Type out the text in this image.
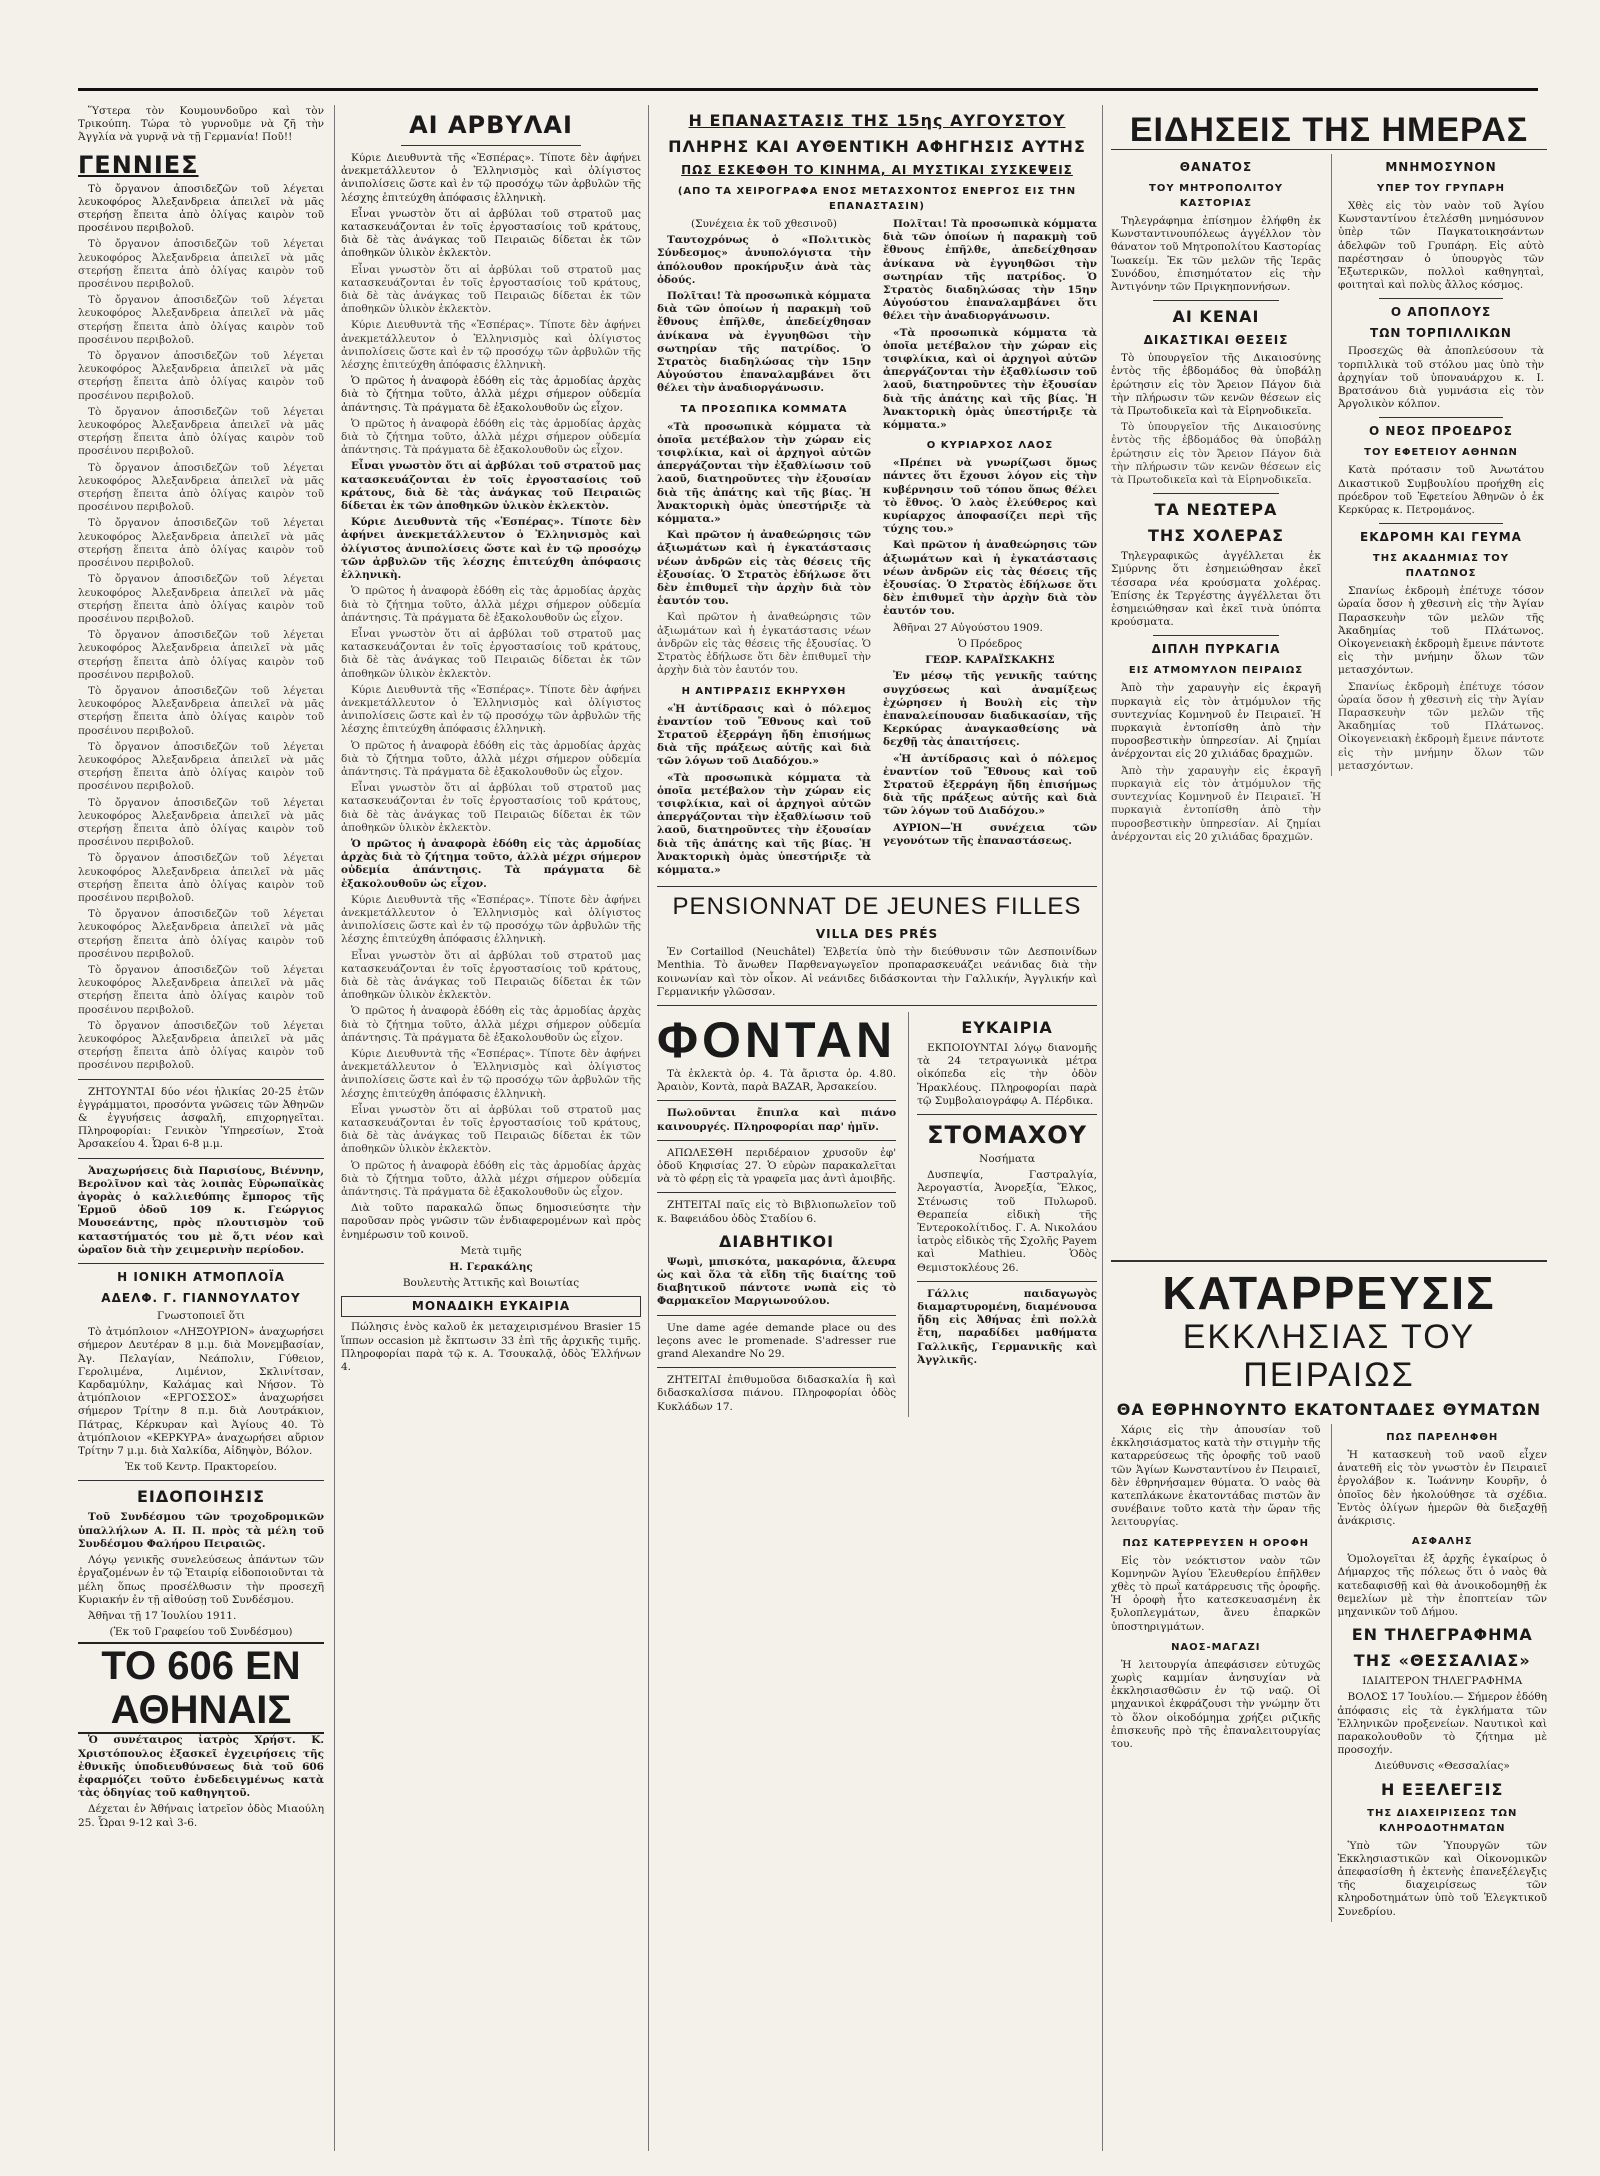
Ὕστερα τὸν Κουμουνδοῦρο καὶ τὸν Τρικούπη. Τώρα τὸ γυρνοῦμε νὰ ζῆ τὴν Ἀγγλία νὰ γυρνᾷ νὰ τῇ Γερμανία! Ποῦ!!

ΓΕΝΝΙΕΣ

Τὸ ὄργανον ἀποσιδεζῶν τοῦ λέγεται λευκοφόρος Ἀλεξανδρεια ἀπειλεῖ νὰ μᾶς στερήσῃ ἕπειτα ἀπὸ ὀλίγας καιρὸν τοῦ προσέινου περιβολοῦ.

Τὸ ὄργανον ἀποσιδεζῶν τοῦ λέγεται λευκοφόρος Ἀλεξανδρεια ἀπειλεῖ νὰ μᾶς στερήσῃ ἕπειτα ἀπὸ ὀλίγας καιρὸν τοῦ προσέινου περιβολοῦ.

Τὸ ὄργανον ἀποσιδεζῶν τοῦ λέγεται λευκοφόρος Ἀλεξανδρεια ἀπειλεῖ νὰ μᾶς στερήσῃ ἕπειτα ἀπὸ ὀλίγας καιρὸν τοῦ προσέινου περιβολοῦ.

Τὸ ὄργανον ἀποσιδεζῶν τοῦ λέγεται λευκοφόρος Ἀλεξανδρεια ἀπειλεῖ νὰ μᾶς στερήσῃ ἕπειτα ἀπὸ ὀλίγας καιρὸν τοῦ προσέινου περιβολοῦ.

Τὸ ὄργανον ἀποσιδεζῶν τοῦ λέγεται λευκοφόρος Ἀλεξανδρεια ἀπειλεῖ νὰ μᾶς στερήσῃ ἕπειτα ἀπὸ ὀλίγας καιρὸν τοῦ προσέινου περιβολοῦ.

Τὸ ὄργανον ἀποσιδεζῶν τοῦ λέγεται λευκοφόρος Ἀλεξανδρεια ἀπειλεῖ νὰ μᾶς στερήσῃ ἕπειτα ἀπὸ ὀλίγας καιρὸν τοῦ προσέινου περιβολοῦ.

Τὸ ὄργανον ἀποσιδεζῶν τοῦ λέγεται λευκοφόρος Ἀλεξανδρεια ἀπειλεῖ νὰ μᾶς στερήσῃ ἕπειτα ἀπὸ ὀλίγας καιρὸν τοῦ προσέινου περιβολοῦ.

Τὸ ὄργανον ἀποσιδεζῶν τοῦ λέγεται λευκοφόρος Ἀλεξανδρεια ἀπειλεῖ νὰ μᾶς στερήσῃ ἕπειτα ἀπὸ ὀλίγας καιρὸν τοῦ προσέινου περιβολοῦ.

Τὸ ὄργανον ἀποσιδεζῶν τοῦ λέγεται λευκοφόρος Ἀλεξανδρεια ἀπειλεῖ νὰ μᾶς στερήσῃ ἕπειτα ἀπὸ ὀλίγας καιρὸν τοῦ προσέινου περιβολοῦ.

Τὸ ὄργανον ἀποσιδεζῶν τοῦ λέγεται λευκοφόρος Ἀλεξανδρεια ἀπειλεῖ νὰ μᾶς στερήσῃ ἕπειτα ἀπὸ ὀλίγας καιρὸν τοῦ προσέινου περιβολοῦ.

Τὸ ὄργανον ἀποσιδεζῶν τοῦ λέγεται λευκοφόρος Ἀλεξανδρεια ἀπειλεῖ νὰ μᾶς στερήσῃ ἕπειτα ἀπὸ ὀλίγας καιρὸν τοῦ προσέινου περιβολοῦ.

Τὸ ὄργανον ἀποσιδεζῶν τοῦ λέγεται λευκοφόρος Ἀλεξανδρεια ἀπειλεῖ νὰ μᾶς στερήσῃ ἕπειτα ἀπὸ ὀλίγας καιρὸν τοῦ προσέινου περιβολοῦ.

Τὸ ὄργανον ἀποσιδεζῶν τοῦ λέγεται λευκοφόρος Ἀλεξανδρεια ἀπειλεῖ νὰ μᾶς στερήσῃ ἕπειτα ἀπὸ ὀλίγας καιρὸν τοῦ προσέινου περιβολοῦ.

Τὸ ὄργανον ἀποσιδεζῶν τοῦ λέγεται λευκοφόρος Ἀλεξανδρεια ἀπειλεῖ νὰ μᾶς στερήσῃ ἕπειτα ἀπὸ ὀλίγας καιρὸν τοῦ προσέινου περιβολοῦ.

Τὸ ὄργανον ἀποσιδεζῶν τοῦ λέγεται λευκοφόρος Ἀλεξανδρεια ἀπειλεῖ νὰ μᾶς στερήσῃ ἕπειτα ἀπὸ ὀλίγας καιρὸν τοῦ προσέινου περιβολοῦ.

Τὸ ὄργανον ἀποσιδεζῶν τοῦ λέγεται λευκοφόρος Ἀλεξανδρεια ἀπειλεῖ νὰ μᾶς στερήσῃ ἕπειτα ἀπὸ ὀλίγας καιρὸν τοῦ προσέινου περιβολοῦ.

ΖΗΤΟΥΝΤΑΙ δύο νέοι ἡλικίας 20-25 ἐτῶν ἐγγράμματοι, προσόντα γνῶσεις τῶν Ἀθηνῶν & ἐγγυήσεις ἀσφαλῆ, επιχορηγεῖται. Πληροφορίαι: Γενικὸν Ὑπηρεσίων, Στοὰ Ἀρσακείου 4. Ὧραι 6-8 μ.μ.

Ἀναχωρήσεις διὰ Παρισίους, Βιέννην, Βερολῖνον καὶ τὰς λοιπὰς Εὐρωπαϊκὰς ἀγορὰς ὁ καλλιεθύπης ἔμπορος τῆς Ἑρμοῦ ὁδοῦ 109 κ. Γεώργιος Μουσεάντης, πρὸς πλουτισμὸν τοῦ καταστήματός του μὲ ὅ,τι νέον καὶ ὡραῖον διὰ τὴν χειμερινὴν περίοδον.

Η ΙΟΝΙΚΗ ΑΤΜΟΠΛΟΪΑ
ΑΔΕΛΦ. Γ. ΓΙΑΝΝΟΥΛΑΤΟΥ

Γνωστοποιεῖ ὅτι

Τὸ ἀτμόπλοιον «ΛΗΞΟΥΡΙΟΝ» ἀναχωρήσει σήμερον Δευτέραν 8 μ.μ. διὰ Μονεμβασίαν, Ἀγ. Πελαγίαν, Νεάπολιν, Γύθειον, Γερολιμένα, Λιμένιον, Σκλινίτσαν, Καρδαμύλην, Καλάμας καὶ Νήσον. Τὸ ἀτμόπλοιον «ΕΡΓΟΣΣΟΣ» ἀναχωρήσει σήμερον Τρίτην 8 π.μ. διὰ Λουτράκιον, Πάτρας, Κέρκυραν καὶ Ἀγίους 40. Τὸ ἀτμόπλοιον «ΚΕΡΚΥΡΑ» ἀναχωρήσει αὔριον Τρίτην 7 μ.μ. διὰ Χαλκίδα, Αἰδηψὸν, Βόλον.

Ἐκ τοῦ Κεντρ. Πρακτορείου.

ΕΙΔΟΠΟΙΗΣΙΣ

Τοῦ Συνδέσμου τῶν τροχοδρομικῶν ὑπαλλήλων Α. Π. Π. πρὸς τὰ μέλη τοῦ Συνδέσμου Φαλήρου Πειραιῶς.

Λόγῳ γενικῆς συνελεύσεως ἁπάντων τῶν ἐργαζομένων ἐν τῷ Ἑταιρίᾳ εἰδοποιοῦνται τὰ μέλη ὅπως προσέλθωσιν τὴν προσεχῆ Κυριακήν ἐν τῇ αἰθούσῃ τοῦ Συνδέσμου.

Ἀθῆναι τῇ 17 Ἰουλίου 1911.

(Ἐκ τοῦ Γραφείου τοῦ Συνδέσμου)

ΤΟ 606 ΕΝ ΑΘΗΝΑΙΣ

Ὁ συνέταιρος ἰατρὸς Χρήστ. Κ. Χριστόπουλος ἐξασκεῖ ἐγχειρήσεις τῆς ἐθνικῆς ὑποδιευθύνσεως διὰ τοῦ 606 ἐφαρμόζει τοῦτο ἐνδεδειγμένως κατὰ τὰς ὁδηγίας τοῦ καθηγητοῦ.

Δέχεται ἐν Ἀθήναις ἰατρεῖον ὁδὸς Μιαούλη 25. Ὧραι 9-12 καὶ 3-6.

ΑΙ ΑΡΒΥΛΑΙ

Κύριε Διευθυντὰ τῆς «Ἑσπέρας». Τίποτε δὲν ἀφήνει ἀνεκμετάλλευτον ὁ Ἐλληνισμὸς καὶ ὀλίγιστος ἀνιπολίσεις ὥστε καὶ ἐν τῷ προσόχῳ τῶν ἀρβυλῶν τῆς λέσχης ἐπιτεύχθη ἀπόφασις ἑλληνικὴ.

Εἶναι γνωστὸν ὅτι αἱ ἀρβύλαι τοῦ στρατοῦ μας κατασκευάζονται ἐν τοῖς ἐργοστασίοις τοῦ κράτους, διὰ δὲ τὰς ἀνάγκας τοῦ Πειραιῶς δίδεται ἐκ τῶν ἀποθηκῶν ὑλικὸν ἐκλεκτὸν.

Εἶναι γνωστὸν ὅτι αἱ ἀρβύλαι τοῦ στρατοῦ μας κατασκευάζονται ἐν τοῖς ἐργοστασίοις τοῦ κράτους, διὰ δὲ τὰς ἀνάγκας τοῦ Πειραιῶς δίδεται ἐκ τῶν ἀποθηκῶν ὑλικὸν ἐκλεκτὸν.

Κύριε Διευθυντὰ τῆς «Ἑσπέρας». Τίποτε δὲν ἀφήνει ἀνεκμετάλλευτον ὁ Ἐλληνισμὸς καὶ ὀλίγιστος ἀνιπολίσεις ὥστε καὶ ἐν τῷ προσόχῳ τῶν ἀρβυλῶν τῆς λέσχης ἐπιτεύχθη ἀπόφασις ἑλληνικὴ.

Ὁ πρῶτος ἡ ἀναφορὰ ἐδόθη εἰς τὰς ἀρμοδίας ἀρχὰς διὰ τὸ ζήτημα τοῦτο, ἀλλὰ μέχρι σήμερον οὐδεμία ἀπάντησις. Τὰ πράγματα δὲ ἐξακολουθοῦν ὡς εἶχον.

Ὁ πρῶτος ἡ ἀναφορὰ ἐδόθη εἰς τὰς ἀρμοδίας ἀρχὰς διὰ τὸ ζήτημα τοῦτο, ἀλλὰ μέχρι σήμερον οὐδεμία ἀπάντησις. Τὰ πράγματα δὲ ἐξακολουθοῦν ὡς εἶχον.

Εἶναι γνωστὸν ὅτι αἱ ἀρβύλαι τοῦ στρατοῦ μας κατασκευάζονται ἐν τοῖς ἐργοστασίοις τοῦ κράτους, διὰ δὲ τὰς ἀνάγκας τοῦ Πειραιῶς δίδεται ἐκ τῶν ἀποθηκῶν ὑλικὸν ἐκλεκτὸν.

Κύριε Διευθυντὰ τῆς «Ἑσπέρας». Τίποτε δὲν ἀφήνει ἀνεκμετάλλευτον ὁ Ἐλληνισμὸς καὶ ὀλίγιστος ἀνιπολίσεις ὥστε καὶ ἐν τῷ προσόχῳ τῶν ἀρβυλῶν τῆς λέσχης ἐπιτεύχθη ἀπόφασις ἑλληνικὴ.

Ὁ πρῶτος ἡ ἀναφορὰ ἐδόθη εἰς τὰς ἀρμοδίας ἀρχὰς διὰ τὸ ζήτημα τοῦτο, ἀλλὰ μέχρι σήμερον οὐδεμία ἀπάντησις. Τὰ πράγματα δὲ ἐξακολουθοῦν ὡς εἶχον.

Εἶναι γνωστὸν ὅτι αἱ ἀρβύλαι τοῦ στρατοῦ μας κατασκευάζονται ἐν τοῖς ἐργοστασίοις τοῦ κράτους, διὰ δὲ τὰς ἀνάγκας τοῦ Πειραιῶς δίδεται ἐκ τῶν ἀποθηκῶν ὑλικὸν ἐκλεκτὸν.

Κύριε Διευθυντὰ τῆς «Ἑσπέρας». Τίποτε δὲν ἀφήνει ἀνεκμετάλλευτον ὁ Ἐλληνισμὸς καὶ ὀλίγιστος ἀνιπολίσεις ὥστε καὶ ἐν τῷ προσόχῳ τῶν ἀρβυλῶν τῆς λέσχης ἐπιτεύχθη ἀπόφασις ἑλληνικὴ.

Ὁ πρῶτος ἡ ἀναφορὰ ἐδόθη εἰς τὰς ἀρμοδίας ἀρχὰς διὰ τὸ ζήτημα τοῦτο, ἀλλὰ μέχρι σήμερον οὐδεμία ἀπάντησις. Τὰ πράγματα δὲ ἐξακολουθοῦν ὡς εἶχον.

Εἶναι γνωστὸν ὅτι αἱ ἀρβύλαι τοῦ στρατοῦ μας κατασκευάζονται ἐν τοῖς ἐργοστασίοις τοῦ κράτους, διὰ δὲ τὰς ἀνάγκας τοῦ Πειραιῶς δίδεται ἐκ τῶν ἀποθηκῶν ὑλικὸν ἐκλεκτὸν.

Ὁ πρῶτος ἡ ἀναφορὰ ἐδόθη εἰς τὰς ἀρμοδίας ἀρχὰς διὰ τὸ ζήτημα τοῦτο, ἀλλὰ μέχρι σήμερον οὐδεμία ἀπάντησις. Τὰ πράγματα δὲ ἐξακολουθοῦν ὡς εἶχον.

Κύριε Διευθυντὰ τῆς «Ἑσπέρας». Τίποτε δὲν ἀφήνει ἀνεκμετάλλευτον ὁ Ἐλληνισμὸς καὶ ὀλίγιστος ἀνιπολίσεις ὥστε καὶ ἐν τῷ προσόχῳ τῶν ἀρβυλῶν τῆς λέσχης ἐπιτεύχθη ἀπόφασις ἑλληνικὴ.

Εἶναι γνωστὸν ὅτι αἱ ἀρβύλαι τοῦ στρατοῦ μας κατασκευάζονται ἐν τοῖς ἐργοστασίοις τοῦ κράτους, διὰ δὲ τὰς ἀνάγκας τοῦ Πειραιῶς δίδεται ἐκ τῶν ἀποθηκῶν ὑλικὸν ἐκλεκτὸν.

Ὁ πρῶτος ἡ ἀναφορὰ ἐδόθη εἰς τὰς ἀρμοδίας ἀρχὰς διὰ τὸ ζήτημα τοῦτο, ἀλλὰ μέχρι σήμερον οὐδεμία ἀπάντησις. Τὰ πράγματα δὲ ἐξακολουθοῦν ὡς εἶχον.

Κύριε Διευθυντὰ τῆς «Ἑσπέρας». Τίποτε δὲν ἀφήνει ἀνεκμετάλλευτον ὁ Ἐλληνισμὸς καὶ ὀλίγιστος ἀνιπολίσεις ὥστε καὶ ἐν τῷ προσόχῳ τῶν ἀρβυλῶν τῆς λέσχης ἐπιτεύχθη ἀπόφασις ἑλληνικὴ.

Εἶναι γνωστὸν ὅτι αἱ ἀρβύλαι τοῦ στρατοῦ μας κατασκευάζονται ἐν τοῖς ἐργοστασίοις τοῦ κράτους, διὰ δὲ τὰς ἀνάγκας τοῦ Πειραιῶς δίδεται ἐκ τῶν ἀποθηκῶν ὑλικὸν ἐκλεκτὸν.

Ὁ πρῶτος ἡ ἀναφορὰ ἐδόθη εἰς τὰς ἀρμοδίας ἀρχὰς διὰ τὸ ζήτημα τοῦτο, ἀλλὰ μέχρι σήμερον οὐδεμία ἀπάντησις. Τὰ πράγματα δὲ ἐξακολουθοῦν ὡς εἶχον.

Διὰ τοῦτο παρακαλῶ ὅπως δημοσιεύσητε τὴν παροῦσαν πρὸς γνῶσιν τῶν ἐνδιαφερομένων καὶ πρὸς ἐνημέρωσιν τοῦ κοινοῦ.

Μετὰ τιμῆς

Η. Γερακάλης

Βουλευτὴς Ἀττικῆς καὶ Βοιωτίας

ΜΟΝΑΔΙΚΗ ΕΥΚΑΙΡΙΑ

Πώλησις ἑνὸς καλοῦ ἐκ μεταχειρισμένου Brasier 15 ἵππων occasion μὲ ἔκπτωσιν 33 ἐπὶ τῆς ἀρχικῆς τιμῆς. Πληροφορίαι παρὰ τῷ κ. Α. Τσουκαλᾷ, ὁδὸς Ἑλλήνων 4.

Η ΕΠΑΝΑΣΤΑΣΙΣ ΤΗΣ 15ης ΑΥΓΟΥΣΤΟΥ
ΠΛΗΡΗΣ ΚΑΙ ΑΥΘΕΝΤΙΚΗ ΑΦΗΓΗΣΙΣ ΑΥΤΗΣ
ΠΩΣ ΕΣΚΕΦΘΗ ΤΟ ΚΙΝΗΜΑ, ΑΙ ΜΥΣΤΙΚΑΙ ΣΥΣΚΕΨΕΙΣ
(ΑΠΟ ΤΑ ΧΕΙΡΟΓΡΑΦΑ ΕΝΟΣ ΜΕΤΑΣΧΟΝΤΟΣ ΕΝΕΡΓΟΣ ΕΙΣ ΤΗΝ ΕΠΑΝΑΣΤΑΣΙΝ)

(Συνέχεια ἐκ τοῦ χθεσινοῦ)

Ταυτοχρόνως ὁ «Πολιτικὸς Σύνδεσμος» ἀνυπολόγιστα τὴν ἀπόλουθον προκήρυξιν ἀνὰ τὰς ὁδούς.

Πολῖται! Τὰ προσωπικὰ κόμματα διὰ τῶν ὁποίων ἡ παρακμὴ τοῦ ἔθνους ἐπῆλθε, ἀπεδείχθησαν ἀνίκανα νὰ ἐγγυηθῶσι τὴν σωτηρίαν τῆς πατρίδος. Ὁ Στρατὸς διαδηλώσας τὴν 15ην Αὐγούστου ἐπαναλαμβάνει ὅτι θέλει τὴν ἀναδιοργάνωσιν.

ΤΑ ΠΡΟΣΩΠΙΚΑ ΚΟΜΜΑΤΑ

«Τὰ προσωπικὰ κόμματα τὰ ὁποῖα μετέβαλον τὴν χώραν εἰς τσιφλίκια, καὶ οἱ ἀρχηγοὶ αὐτῶν ἀπεργάζονται τὴν ἐξαθλίωσιν τοῦ λαοῦ, διατηροῦντες τὴν ἐξουσίαν διὰ τῆς ἀπάτης καὶ τῆς βίας. Ἡ Ἀνακτορικὴ ὁμὰς ὑπεστήριξε τὰ κόμματα.»

Καὶ πρῶτον ἡ ἀναθεώρησις τῶν ἀξιωμάτων καὶ ἡ ἐγκατάστασις νέων ἀνδρῶν εἰς τὰς θέσεις τῆς ἐξουσίας. Ὁ Στρατὸς ἐδήλωσε ὅτι δὲν ἐπιθυμεῖ τὴν ἀρχὴν διὰ τὸν ἑαυτόν του.

Καὶ πρῶτον ἡ ἀναθεώρησις τῶν ἀξιωμάτων καὶ ἡ ἐγκατάστασις νέων ἀνδρῶν εἰς τὰς θέσεις τῆς ἐξουσίας. Ὁ Στρατὸς ἐδήλωσε ὅτι δὲν ἐπιθυμεῖ τὴν ἀρχὴν διὰ τὸν ἑαυτόν του.

Η ΑΝΤΙΡΡΑΣΙΣ ΕΚΗΡΥΧΘΗ

«Ἡ ἀντίδρασις καὶ ὁ πόλεμος ἐναντίον τοῦ Ἔθνους καὶ τοῦ Στρατοῦ ἐξερράγη ἤδη ἐπισήμως διὰ τῆς πράξεως αὐτῆς καὶ διὰ τῶν λόγων τοῦ Διαδόχου.»

«Τὰ προσωπικὰ κόμματα τὰ ὁποῖα μετέβαλον τὴν χώραν εἰς τσιφλίκια, καὶ οἱ ἀρχηγοὶ αὐτῶν ἀπεργάζονται τὴν ἐξαθλίωσιν τοῦ λαοῦ, διατηροῦντες τὴν ἐξουσίαν διὰ τῆς ἀπάτης καὶ τῆς βίας. Ἡ Ἀνακτορικὴ ὁμὰς ὑπεστήριξε τὰ κόμματα.»

Πολῖται! Τὰ προσωπικὰ κόμματα διὰ τῶν ὁποίων ἡ παρακμὴ τοῦ ἔθνους ἐπῆλθε, ἀπεδείχθησαν ἀνίκανα νὰ ἐγγυηθῶσι τὴν σωτηρίαν τῆς πατρίδος. Ὁ Στρατὸς διαδηλώσας τὴν 15ην Αὐγούστου ἐπαναλαμβάνει ὅτι θέλει τὴν ἀναδιοργάνωσιν.

«Τὰ προσωπικὰ κόμματα τὰ ὁποῖα μετέβαλον τὴν χώραν εἰς τσιφλίκια, καὶ οἱ ἀρχηγοὶ αὐτῶν ἀπεργάζονται τὴν ἐξαθλίωσιν τοῦ λαοῦ, διατηροῦντες τὴν ἐξουσίαν διὰ τῆς ἀπάτης καὶ τῆς βίας. Ἡ Ἀνακτορικὴ ὁμὰς ὑπεστήριξε τὰ κόμματα.»

Ο ΚΥΡΙΑΡΧΟΣ ΛΑΟΣ

«Πρέπει νὰ γνωρίζωσι ὅμως πάντες ὅτι ἔχουσι λόγον εἰς τὴν κυβέρνησιν τοῦ τόπου ὅπως θέλει τὸ ἔθνος. Ὁ λαὸς ἐλεύθερος καὶ κυρίαρχος ἀποφασίζει περὶ τῆς τύχης του.»

Καὶ πρῶτον ἡ ἀναθεώρησις τῶν ἀξιωμάτων καὶ ἡ ἐγκατάστασις νέων ἀνδρῶν εἰς τὰς θέσεις τῆς ἐξουσίας. Ὁ Στρατὸς ἐδήλωσε ὅτι δὲν ἐπιθυμεῖ τὴν ἀρχὴν διὰ τὸν ἑαυτόν του.

Ἀθῆναι 27 Αὐγούστου 1909.

Ὁ Πρόεδρος

ΓΕΩΡ. ΚΑΡΑΪΣΚΑΚΗΣ

Ἐν μέσῳ τῆς γενικῆς ταύτης συγχύσεως καὶ ἀναμίξεως ἐχώρησεν ἡ Βουλὴ εἰς τὴν ἐπαναλείπουσαν διαδικασίαν, τῆς Κερκύρας ἀναγκασθείσης νὰ δεχθῇ τὰς ἀπαιτήσεις.

«Ἡ ἀντίδρασις καὶ ὁ πόλεμος ἐναντίον τοῦ Ἔθνους καὶ τοῦ Στρατοῦ ἐξερράγη ἤδη ἐπισήμως διὰ τῆς πράξεως αὐτῆς καὶ διὰ τῶν λόγων τοῦ Διαδόχου.»

ΑΥΡΙΟΝ—Ἡ συνέχεια τῶν γεγονότων τῆς ἐπαναστάσεως.

PENSIONNAT DE JEUNES FILLES
VILLA DES PRÉS

Ἐν Cortaillod (Neuchâtel) Ἐλβετία ὑπὸ τὴν διεύθυνσιν τῶν Δεσποινίδων Menthia. Τὸ ἄνωθεν Παρθεναγωγεῖον προπαρασκευάζει νεάνιδας διὰ τὴν κοινωνίαν καὶ τὸν οἶκον. Αἱ νεάνιδες διδάσκονται τὴν Γαλλικήν, Ἀγγλικήν καὶ Γερμανικήν γλῶσσαν.

ΦΟΝΤΑΝ

Τὰ ἐκλεκτὰ ὁρ. 4. Τὰ ἄριστα ὁρ. 4.80. Ἀραιὸν, Κοντὰ, παρὰ BAZAR, Ἀρσακείου.

Πωλοῦνται ἔπιπλα καὶ πιάνο καινουργές. Πληροφορίαι παρ' ἡμῖν.

ΑΠΩΛΕΣΘΗ περιδέραιον χρυσοῦν ἐφ' ὁδοῦ Κηφισίας 27. Ὁ εὑρὼν παρακαλεῖται νὰ τὸ φέρῃ εἰς τὰ γραφεῖα μας ἀντὶ ἀμοιβῆς.

ΖΗΤΕΙΤΑΙ παῖς εἰς τὸ Βιβλιοπωλεῖον τοῦ κ. Βαφειάδου ὁδὸς Σταδίου 6.

ΔΙΑΒΗΤΙΚΟΙ

Ψωμὶ, μπισκότα, μακαρόνια, ἄλευρα ὡς καὶ ὅλα τὰ εἴδη τῆς διαίτης τοῦ διαβητικοῦ πάντοτε νωπὰ εἰς τὸ Φαρμακεῖον Μαργιωνούλου.

Une dame agée demande place ou des leçons avec le promenade. S'adresser rue grand Alexandre No 29.

ΖΗΤΕΙΤΑΙ ἐπιθυμοῦσα διδασκαλία ἢ καὶ διδασκαλίσσα πιάνου. Πληροφορίαι ὁδὸς Κυκλάδων 17.

ΕΥΚΑΙΡΙΑ

ΕΚΠΟΙΟΥΝΤΑΙ λόγῳ διανομῆς τὰ 24 τετραγωνικὰ μέτρα οἰκόπεδα εἰς τὴν ὁδὸν Ἡρακλέους. Πληροφορίαι παρὰ τῷ Συμβολαιογράφῳ Α. Πέρδικα.

ΣΤΟΜΑΧΟΥ

Νοσήματα

Δυσπεψία, Γαστραλγία, Ἀερογαστία, Ἀνορεξία, Ἕλκος, Στένωσις τοῦ Πυλωροῦ. Θεραπεία εἰδικὴ τῆς Ἐντεροκολίτιδος. Γ. Α. Νικολάου ἰατρὸς εἰδικὸς τῆς Σχολῆς Payem καὶ Mathieu. Ὁδὸς Θεμιστοκλέους 26.

Γάλλις παιδαγωγὸς διαμαρτυρομένη, διαμένουσα ἤδη εἰς Ἀθήνας ἐπὶ πολλὰ ἔτη, παραδίδει μαθήματα Γαλλικῆς, Γερμανικῆς καὶ Ἀγγλικῆς.

ΕΙΔΗΣΕΙΣ ΤΗΣ ΗΜΕΡΑΣ
ΘΑΝΑΤΟΣ
ΤΟΥ ΜΗΤΡΟΠΟΛΙΤΟΥ ΚΑΣΤΟΡΙΑΣ

Τηλεγράφημα ἐπίσημον ἐλήφθη ἐκ Κωνσταντινουπόλεως ἀγγέλλον τὸν θάνατον τοῦ Μητροπολίτου Καστορίας Ἰωακείμ. Ἐκ τῶν μελῶν τῆς Ἱερᾶς Συνόδου, ἐπισημότατον εἰς τὴν Ἀντιγόνην τῶν Πριγκηποννήσων.

ΑΙ ΚΕΝΑΙ
ΔΙΚΑΣΤΙΚΑΙ ΘΕΣΕΙΣ

Τὸ ὑπουργεῖον τῆς Δικαιοσύνης ἐντὸς τῆς ἑβδομάδος θὰ ὑποβάλῃ ἐρώτησιν εἰς τὸν Ἄρειον Πάγον διὰ τὴν πλήρωσιν τῶν κενῶν θέσεων εἰς τὰ Πρωτοδικεῖα καὶ τὰ Εἰρηνοδικεῖα.

Τὸ ὑπουργεῖον τῆς Δικαιοσύνης ἐντὸς τῆς ἑβδομάδος θὰ ὑποβάλῃ ἐρώτησιν εἰς τὸν Ἄρειον Πάγον διὰ τὴν πλήρωσιν τῶν κενῶν θέσεων εἰς τὰ Πρωτοδικεῖα καὶ τὰ Εἰρηνοδικεῖα.

ΤΑ ΝΕΩΤΕΡΑ
ΤΗΣ ΧΟΛΕΡΑΣ

Τηλεγραφικῶς ἀγγέλλεται ἐκ Σμύρνης ὅτι ἐσημειώθησαν ἐκεῖ τέσσαρα νέα κρούσματα χολέρας. Ἐπίσης ἐκ Τεργέστης ἀγγέλλεται ὅτι ἐσημειώθησαν καὶ ἐκεῖ τινὰ ὑπόπτα κρούσματα.

ΔΙΠΛΗ ΠΥΡΚΑΓΙΑ
ΕΙΣ ΑΤΜΟΜΥΛΟΝ ΠΕΙΡΑΙΩΣ

Ἀπὸ τὴν χαραυγὴν εἰς ἐκραγῆ πυρκαγιὰ εἰς τὸν ἀτμόμυλον τῆς συντεχνίας Κομνηνοῦ ἐν Πειραιεῖ. Ἡ πυρκαγιὰ ἐντοπίσθη ἀπὸ τὴν πυροσβεστικὴν ὑπηρεσίαν. Αἱ ζημίαι ἀνέρχονται εἰς 20 χιλιάδας δραχμῶν.

Ἀπὸ τὴν χαραυγὴν εἰς ἐκραγῆ πυρκαγιὰ εἰς τὸν ἀτμόμυλον τῆς συντεχνίας Κομνηνοῦ ἐν Πειραιεῖ. Ἡ πυρκαγιὰ ἐντοπίσθη ἀπὸ τὴν πυροσβεστικὴν ὑπηρεσίαν. Αἱ ζημίαι ἀνέρχονται εἰς 20 χιλιάδας δραχμῶν.

ΜΝΗΜΟΣΥΝΟΝ
ΥΠΕΡ ΤΟΥ ΓΡΥΠΑΡΗ

Χθὲς εἰς τὸν ναὸν τοῦ Ἁγίου Κωνσταντίνου ἐτελέσθη μνημόσυνον ὑπὲρ τῶν Παγκατοικησάντων ἀδελφῶν τοῦ Γρυπάρη. Εἰς αὐτὸ παρέστησαν ὁ ὑπουργὸς τῶν Ἐξωτερικῶν, πολλοὶ καθηγηταὶ, φοιτηταὶ καὶ πολὺς ἄλλος κόσμος.

Ο ΑΠΟΠΛΟΥΣ
ΤΩΝ ΤΟΡΠΙΛΛΙΚΩΝ

Προσεχῶς θὰ ἀποπλεύσουν τὰ τορπιλλικὰ τοῦ στόλου μας ὑπὸ τὴν ἀρχηγίαν τοῦ ὑποναυάρχου κ. Ι. Βρατσάνου διὰ γυμνάσια εἰς τὸν Ἀργολικὸν κόλπον.

Ο ΝΕΟΣ ΠΡΟΕΔΡΟΣ
ΤΟΥ ΕΦΕΤΕΙΟΥ ΑΘΗΝΩΝ

Κατὰ πρότασιν τοῦ Ἀνωτάτου Δικαστικοῦ Συμβουλίου προήχθη εἰς πρόεδρον τοῦ Ἐφετείου Ἀθηνῶν ὁ ἐκ Κερκύρας κ. Πετρομάνος.

ΕΚΔΡΟΜΗ ΚΑΙ ΓΕΥΜΑ
ΤΗΣ ΑΚΑΔΗΜΙΑΣ ΤΟΥ ΠΛΑΤΩΝΟΣ

Σπανίως ἐκδρομὴ ἐπέτυχε τόσον ὡραία ὅσον ἡ χθεσινὴ εἰς τὴν Ἁγίαν Παρασκευὴν τῶν μελῶν τῆς Ἀκαδημίας τοῦ Πλάτωνος. Οἰκογενειακὴ ἐκδρομὴ ἔμεινε πάντοτε εἰς τὴν μνήμην ὅλων τῶν μετασχόντων.

Σπανίως ἐκδρομὴ ἐπέτυχε τόσον ὡραία ὅσον ἡ χθεσινὴ εἰς τὴν Ἁγίαν Παρασκευὴν τῶν μελῶν τῆς Ἀκαδημίας τοῦ Πλάτωνος. Οἰκογενειακὴ ἐκδρομὴ ἔμεινε πάντοτε εἰς τὴν μνήμην ὅλων τῶν μετασχόντων.

ΚΑΤΑΡΡΕΥΣΙΣ
ΕΚΚΛΗΣΙΑΣ ΤΟΥ ΠΕΙΡΑΙΩΣ
ΘΑ ΕΘΡΗΝΟΥΝΤΟ ΕΚΑΤΟΝΤΑΔΕΣ ΘΥΜΑΤΩΝ

Χάρις εἰς τὴν ἀπουσίαν τοῦ ἐκκλησιάσματος κατὰ τὴν στιγμὴν τῆς καταρρεύσεως τῆς ὀροφῆς τοῦ ναοῦ τῶν Ἁγίων Κωνσταντίνου ἐν Πειραιεῖ, δὲν ἐθρηνήσαμεν θύματα. Ὁ ναὸς θὰ κατεπλάκωνε ἑκατοντάδας πιστῶν ἂν συνέβαινε τοῦτο κατὰ τὴν ὥραν τῆς λειτουργίας.

ΠΩΣ ΚΑΤΕΡΡΕΥΣΕΝ Η ΟΡΟΦΗ

Εἰς τὸν νεόκτιστον ναὸν τῶν Κομνηνῶν Ἁγίου Ἐλευθερίου ἐπῆλθεν χθὲς τὸ πρωῒ κατάρρευσις τῆς ὀροφῆς. Ἡ ὀροφὴ ἦτο κατεσκευασμένη ἐκ ξυλοπλεγμάτων, ἄνευ ἐπαρκῶν ὑποστηριγμάτων.

ΝΑΟΣ-ΜΑΓΑΖΙ

Ἡ λειτουργία ἀπεφάσισεν εὐτυχῶς χωρὶς καμμίαν ἀνησυχίαν νὰ ἐκκλησιασθῶσιν ἐν τῷ ναῷ. Οἱ μηχανικοὶ ἐκφράζουσι τὴν γνώμην ὅτι τὸ ὅλον οἰκοδόμημα χρήζει ριζικῆς ἐπισκευῆς πρὸ τῆς ἐπαναλειτουργίας του.

ΠΩΣ ΠΑΡΕΛΗΦΘΗ

Ἡ κατασκευὴ τοῦ ναοῦ εἶχεν ἀνατεθῆ εἰς τὸν γνωστὸν ἐν Πειραιεῖ ἐργολάβον κ. Ἰωάννην Κουρῆν, ὁ ὁποῖος δὲν ἠκολούθησε τὰ σχέδια. Ἐντὸς ὀλίγων ἡμερῶν θὰ διεξαχθῇ ἀνάκρισις.

ΑΣΦΑΛΗΣ

Ὁμολογεῖται ἐξ ἀρχῆς ἐγκαίρως ὁ Δήμαρχος τῆς πόλεως ὅτι ὁ ναὸς θὰ κατεδαφισθῇ καὶ θὰ ἀνοικοδομηθῇ ἐκ θεμελίων μὲ τὴν ἐποπτείαν τῶν μηχανικῶν τοῦ Δήμου.

ΕΝ ΤΗΛΕΓΡΑΦΗΜΑ
ΤΗΣ «ΘΕΣΣΑΛΙΑΣ»

ΙΔΙΑΙΤΕΡΟΝ ΤΗΛΕΓΡΑΦΗΜΑ

ΒΟΛΟΣ 17 Ἰουλίου.— Σήμερον ἐδόθη ἀπόφασις εἰς τὰ ἐγκλήματα τῶν Ἐλληνικῶν προξενείων. Ναυτικοὶ καὶ παρακολουθοῦν τὸ ζήτημα μὲ προσοχήν.

Διεύθυνσις «Θεσσαλίας»

Η ΕΞΕΛΕΓΞΙΣ
ΤΗΣ ΔΙΑΧΕΙΡΙΣΕΩΣ ΤΩΝ ΚΛΗΡΟΔΟΤΗΜΑΤΩΝ

Ὑπὸ τῶν Ὑπουργῶν τῶν Ἐκκλησιαστικῶν καὶ Οἰκονομικῶν ἀπεφασίσθη ἡ ἐκτενὴς ἐπανεξέλεγξις τῆς διαχειρίσεως τῶν κληροδοτημάτων ὑπὸ τοῦ Ἐλεγκτικοῦ Συνεδρίου.
